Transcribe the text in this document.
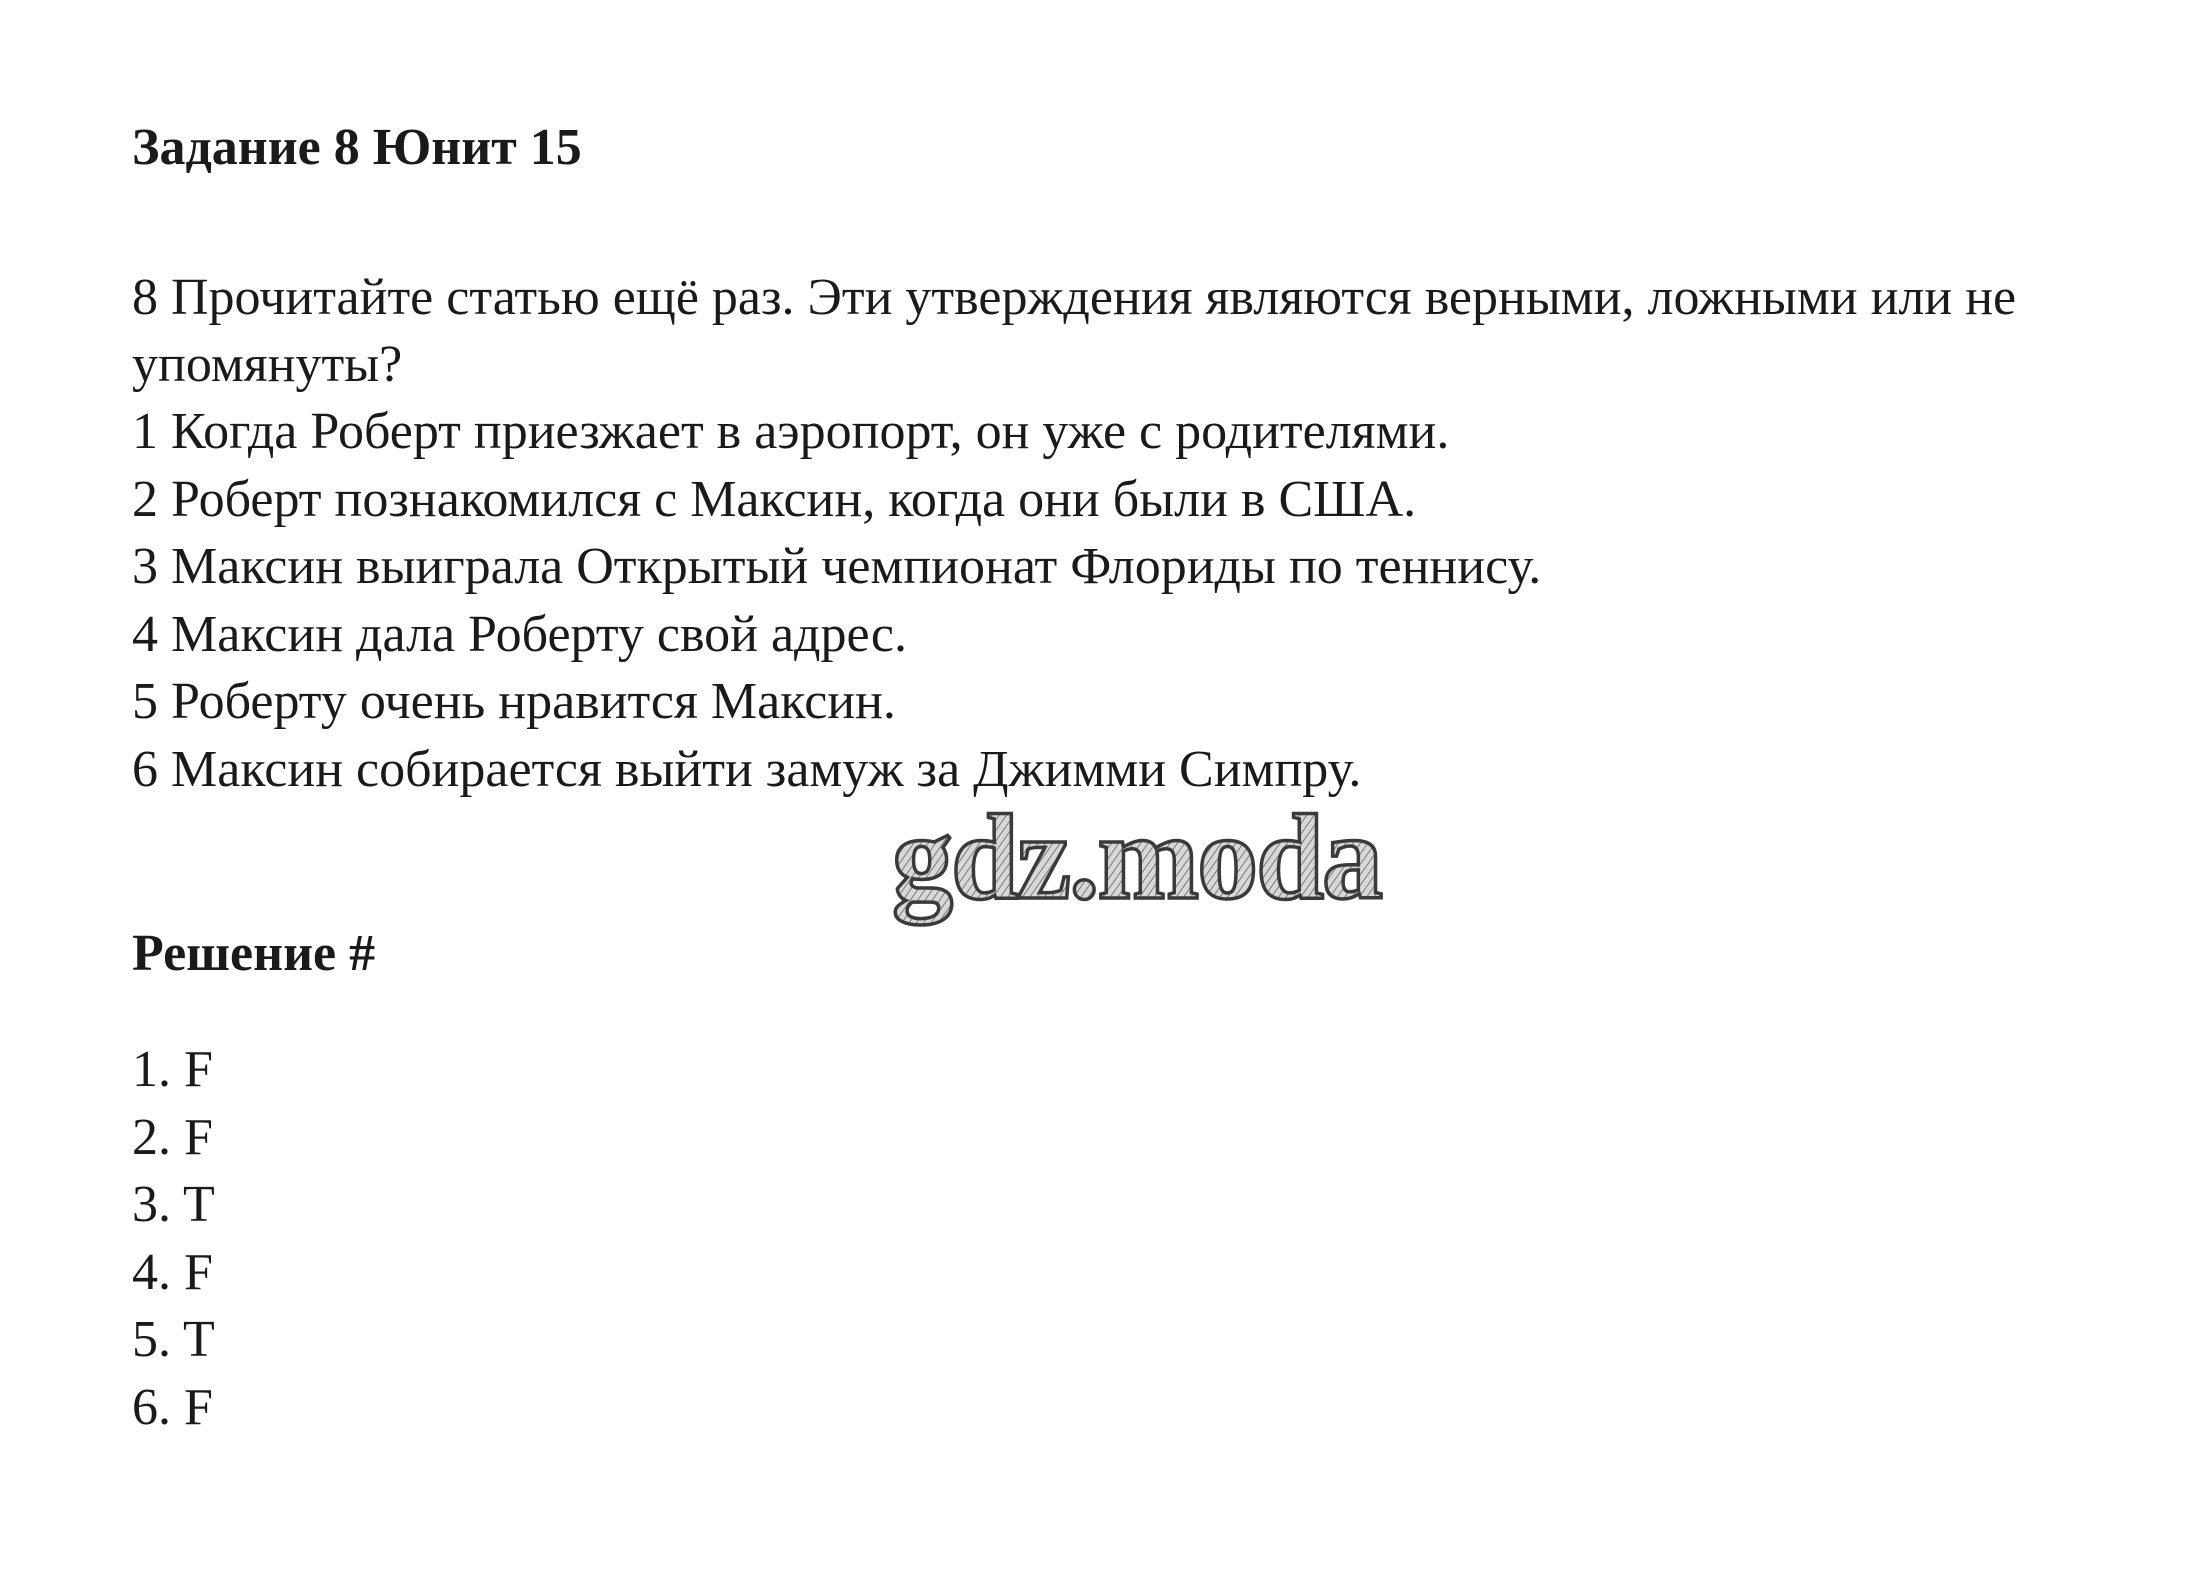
Задание 8 Юнит 15
8 Прочитайте статью ещё раз. Эти утверждения являются верными, ложными или не упомянуты?
1 Когда Роберт приезжает в аэропорт, он уже с родителями.
2 Роберт познакомился с Максин, когда они были в США.
3 Максин выиграла Открытый чемпионат Флориды по теннису.
4 Максин дала Роберту свой адрес.
5 Роберту очень нравится Максин.
6 Максин собирается выйти замуж за Джимми Симпру.
gdz.moda
Решение #
1. F
2. F
3. T
4. F
5. T
6. F
